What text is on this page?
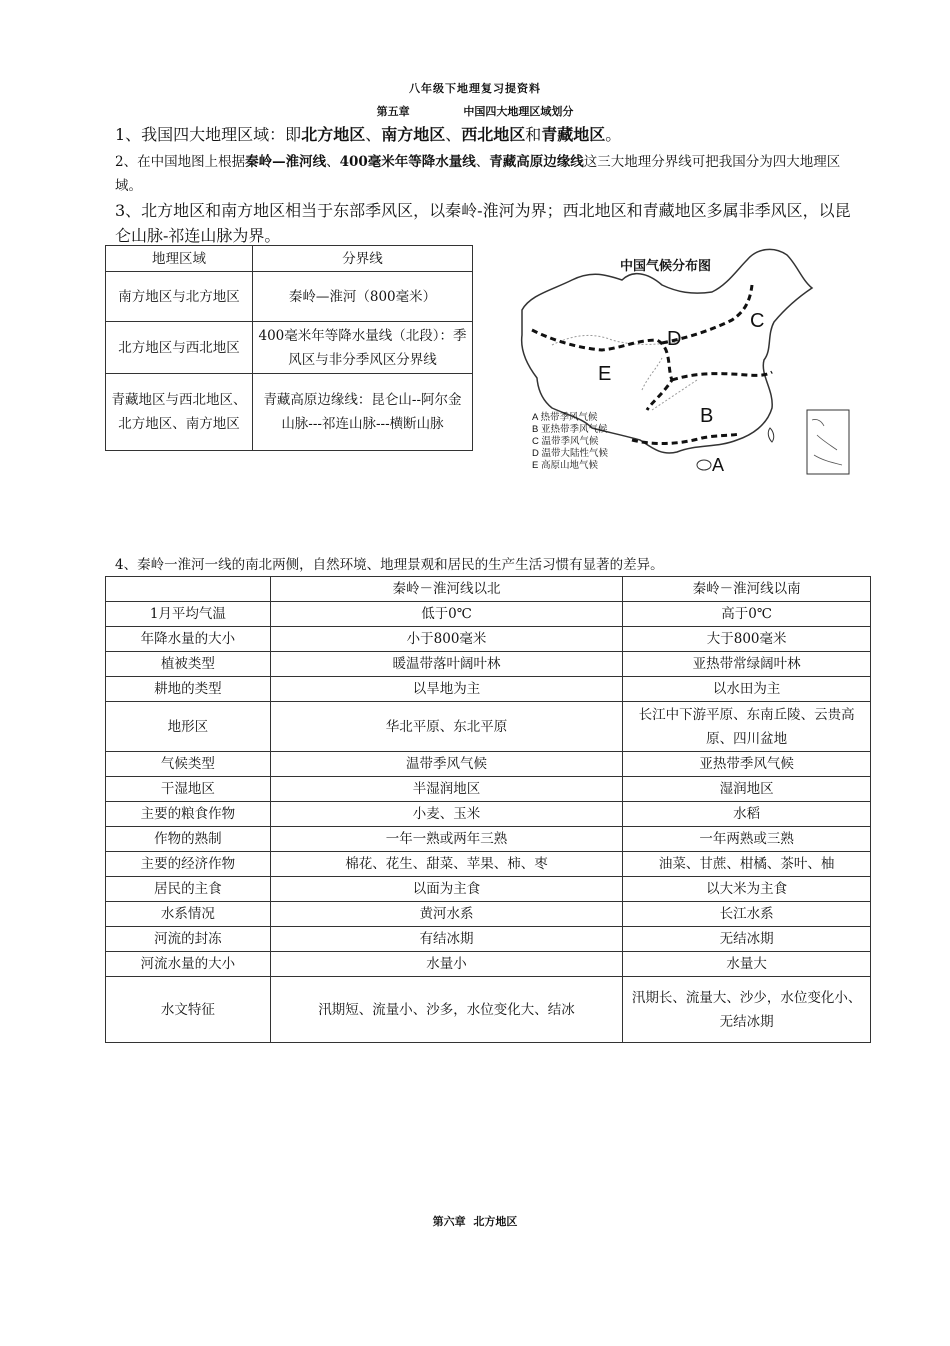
八年级下地理复习提资料
第五章	中国四大地理区域划分
1、我国四大地理区域：即北方地区、南方地区、西北地区和青藏地区。
2、在中国地图上根据秦岭—淮河线、400毫米年等降水量线、青藏高原边缘线这三大地理分界线可把我国分为四大地理区域。
3、北方地区和南方地区相当于东部季风区，以秦岭-淮河为界；西北地区和青藏地区多属非季风区，以昆仑山脉-祁连山脉为界。
地理区域	分界线
南方地区与北方地区	秦岭—淮河（800毫米）
北方地区与西北地区	400毫米年等降水量线（北段）：季风区与非分季风区分界线
青藏地区与西北地区、北方地区、南方地区	青藏高原边缘线：昆仑山--阿尔金山脉---祁连山脉---横断山脉
中国气候分布图
D
C
E
B
A
A 热带季风气候
B 亚热带季风气候
C 温带季风气候
D 温带大陆性气候
E 高原山地气候
4、秦岭一淮河一线的南北两侧，自然环境、地理景观和居民的生产生活习惯有显著的差异。
	秦岭－淮河线以北	秦岭－淮河线以南
1月平均气温	低于0℃	高于0℃
年降水量的大小	小于800毫米	大于800毫米
植被类型	暖温带落叶阔叶林	亚热带常绿阔叶林
耕地的类型	以旱地为主	以水田为主
地形区	华北平原、东北平原	长江中下游平原、东南丘陵、云贵高原、四川盆地
气候类型	温带季风气候	亚热带季风气候
干湿地区	半湿润地区	湿润地区
主要的粮食作物	小麦、玉米	水稻
作物的熟制	一年一熟或两年三熟	一年两熟或三熟
主要的经济作物	棉花、花生、甜菜、苹果、柿、枣	油菜、甘蔗、柑橘、茶叶、柚
居民的主食	以面为主食	以大米为主食
水系情况	黄河水系	长江水系
河流的封冻	有结冰期	无结冰期
河流水量的大小	水量小	水量大
水文特征	汛期短、流量小、沙多，水位变化大、结冰	汛期长、流量大、沙少，水位变化小、无结冰期
第六章 北方地区
